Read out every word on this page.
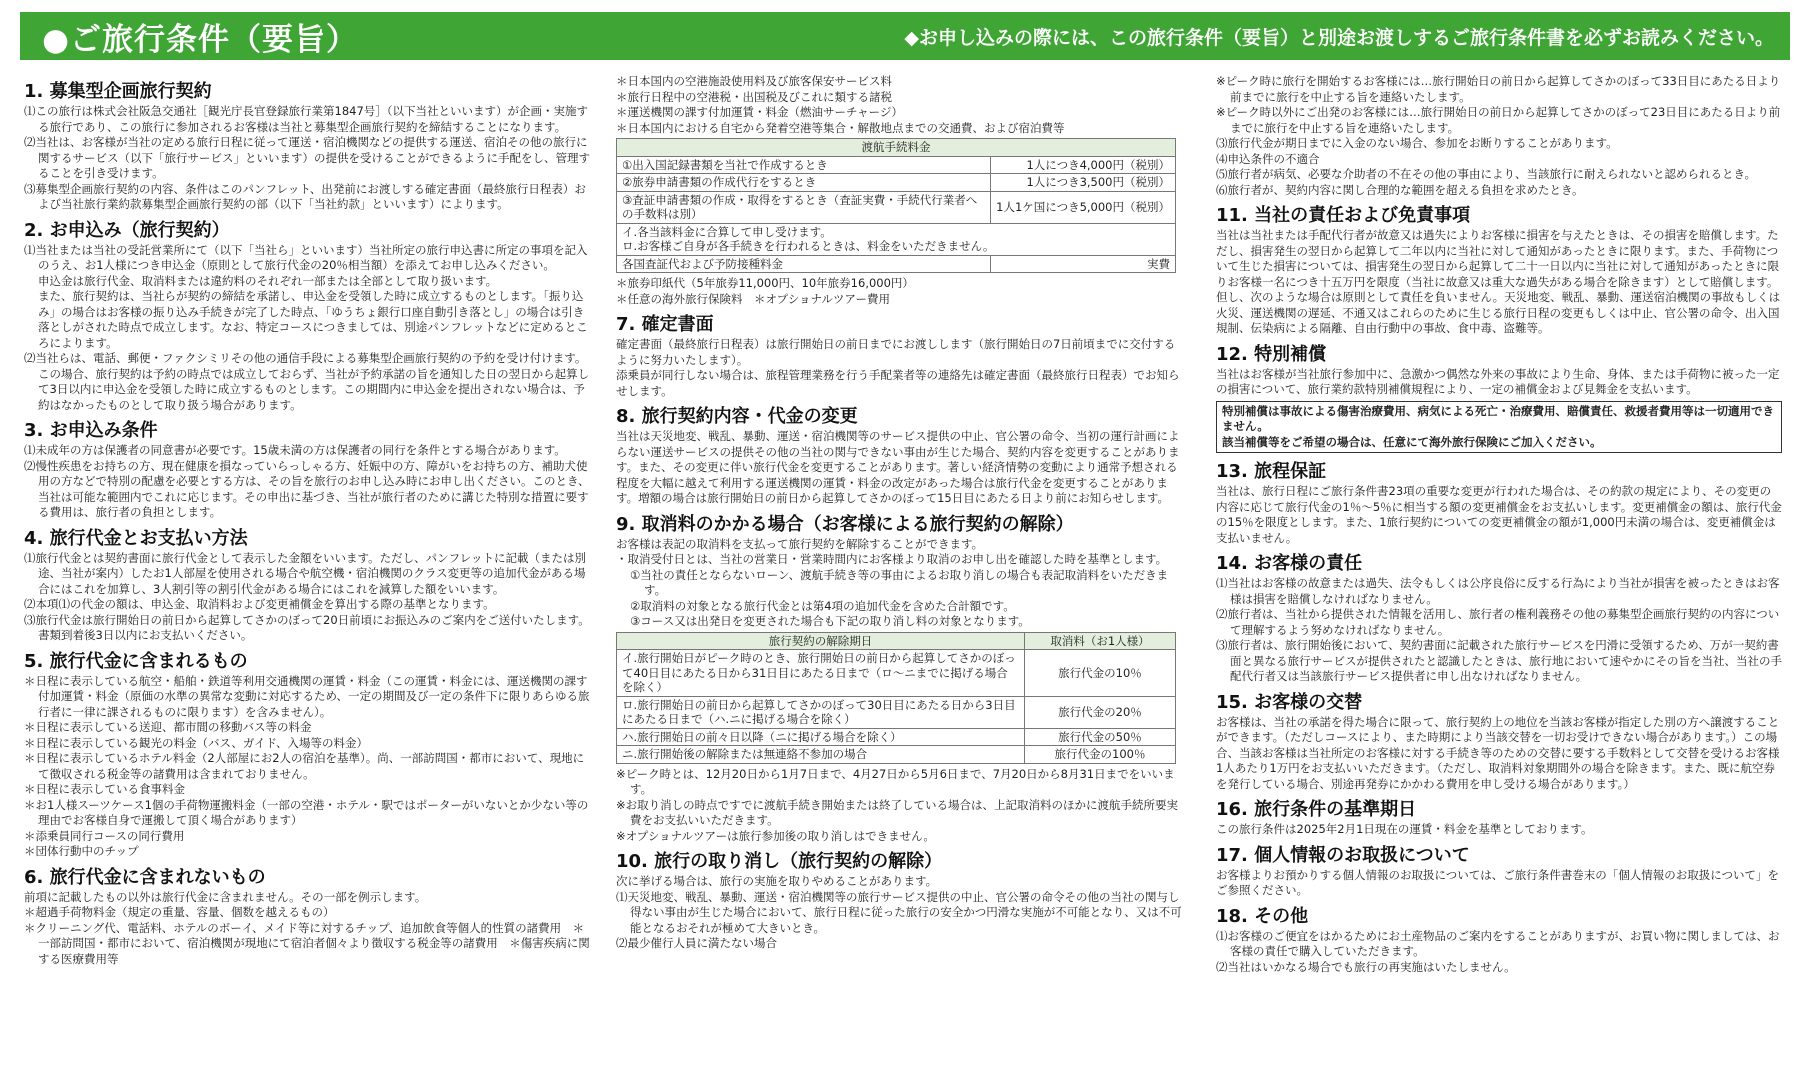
●ご旅行条件（要旨）	◆お申し込みの際には、この旅行条件（要旨）と別途お渡しするご旅行条件書を必ずお読みください。
1. 募集型企画旅行契約

⑴この旅行は株式会社阪急交通社［観光庁長官登録旅行業第1847号］（以下当社といいます）が企画・実施する旅行であり、この旅行に参加されるお客様は当社と募集型企画旅行契約を締結することになります。

⑵当社は、お客様が当社の定める旅行日程に従って運送・宿泊機関などの提供する運送、宿泊その他の旅行に関するサービス（以下「旅行サービス」といいます）の提供を受けることができるように手配をし、管理することを引き受けます。

⑶募集型企画旅行契約の内容、条件はこのパンフレット、出発前にお渡しする確定書面（最終旅行日程表）および当社旅行業約款募集型企画旅行契約の部（以下「当社約款」といいます）によります。

2. お申込み（旅行契約）

⑴当社または当社の受託営業所にて（以下「当社ら」といいます）当社所定の旅行申込書に所定の事項を記入のうえ、お1人様につき申込金（原則として旅行代金の20％相当額）を添えてお申し込みください。

申込金は旅行代金、取消料または違約料のそれぞれ一部または全部として取り扱います。

また、旅行契約は、当社らが契約の締結を承諾し、申込金を受領した時に成立するものとします。「振り込み」の場合はお客様の振り込み手続きが完了した時点、「ゆうちょ銀行口座自動引き落とし」の場合は引き落としがされた時点で成立します。なお、特定コースにつきましては、別途パンフレットなどに定めるところによります。

⑵当社らは、電話、郵便・ファクシミリその他の通信手段による募集型企画旅行契約の予約を受け付けます。この場合、旅行契約は予約の時点では成立しておらず、当社が予約承諾の旨を通知した日の翌日から起算して3日以内に申込金を受領した時に成立するものとします。この期間内に申込金を提出されない場合は、予約はなかったものとして取り扱う場合があります。

3. お申込み条件

⑴未成年の方は保護者の同意書が必要です。15歳未満の方は保護者の同行を条件とする場合があります。

⑵慢性疾患をお持ちの方、現在健康を損なっていらっしゃる方、妊娠中の方、障がいをお持ちの方、補助犬使用の方などで特別の配慮を必要とする方は、その旨を旅行のお申し込み時にお申し出ください。このとき、当社は可能な範囲内でこれに応じます。その申出に基づき、当社が旅行者のために講じた特別な措置に要する費用は、旅行者の負担とします。

4. 旅行代金とお支払い方法

⑴旅行代金とは契約書面に旅行代金として表示した金額をいいます。ただし、パンフレットに記載（または別途、当社が案内）したお1人部屋を使用される場合や航空機・宿泊機関のクラス変更等の追加代金がある場合にはこれを加算し、3人割引等の割引代金がある場合にはこれを減算した額をいいます。

⑵本項⑴の代金の額は、申込金、取消料および変更補償金を算出する際の基準となります。

⑶旅行代金は旅行開始日の前日から起算してさかのぼって20日前頃にお振込みのご案内をご送付いたします。書類到着後3日以内にお支払いください。

5. 旅行代金に含まれるもの

＊日程に表示している航空・船舶・鉄道等利用交通機関の運賃・料金（この運賃・料金には、運送機関の課す付加運賃・料金（原価の水準の異常な変動に対応するため、一定の期間及び一定の条件下に限りあらゆる旅行者に一律に課されるものに限ります）を含みません）。

＊日程に表示している送迎、都市間の移動バス等の料金

＊日程に表示している観光の料金（バス、ガイド、入場等の料金）

＊日程に表示しているホテル料金（2人部屋にお2人の宿泊を基準）。尚、一部訪問国・都市において、現地にて徴収される税金等の諸費用は含まれておりません。

＊日程に表示している食事料金

＊お1人様スーツケース1個の手荷物運搬料金（一部の空港・ホテル・駅ではポーターがいないとか少ない等の理由でお客様自身で運搬して頂く場合があります）

＊添乗員同行コースの同行費用

＊団体行動中のチップ

6. 旅行代金に含まれないもの

前項に記載したもの以外は旅行代金に含まれません。その一部を例示します。

＊超過手荷物料金（規定の重量、容量、個数を越えるもの）

＊クリーニング代、電話料、ホテルのボーイ、メイド等に対するチップ、追加飲食等個人的性質の諸費用　＊一部訪問国・都市において、宿泊機関が現地にて宿泊者個々より徴収する税金等の諸費用　＊傷害疾病に関する医療費用等

＊日本国内の空港施設使用料及び旅客保安サービス料

＊旅行日程中の空港税・出国税及びこれに類する諸税

＊運送機関の課す付加運賃・料金（燃油サーチャージ）

＊日本国内における自宅から発着空港等集合・解散地点までの交通費、および宿泊費等

渡航手続料金	
①出入国記録書類を当社で作成するとき	1人につき4,000円（税別）
②旅券申請書類の作成代行をするとき	1人につき3,500円（税別）
③査証申請書類の作成・取得をするとき（査証実費・手続代行業者への手数料は別）	1人1ケ国につき5,000円（税別）

イ.各当該料金に合算して申し受けます。
ロ.お客様ご自身が各手続きを行われるときは、料金をいただきません。	

各国査証代および予防接種料金	実費

＊旅券印紙代（5年旅券11,000円、10年旅券16,000円）

＊任意の海外旅行保険料　＊オプショナルツアー費用

7. 確定書面

確定書面（最終旅行日程表）は旅行開始日の前日までにお渡しします（旅行開始日の7日前頃までに交付するように努力いたします）。

添乗員が同行しない場合は、旅程管理業務を行う手配業者等の連絡先は確定書面（最終旅行日程表）でお知らせします。

8. 旅行契約内容・代金の変更

当社は天災地変、戦乱、暴動、運送・宿泊機関等のサービス提供の中止、官公署の命令、当初の運行計画によらない運送サービスの提供その他の当社の関与できない事由が生じた場合、契約内容を変更することがあります。また、その変更に伴い旅行代金を変更することがあります。著しい経済情勢の変動により通常予想される程度を大幅に越えて利用する運送機関の運賃・料金の改定があった場合は旅行代金を変更することがあります。増額の場合は旅行開始日の前日から起算してさかのぼって15日目にあたる日より前にお知らせします。

9. 取消料のかかる場合（お客様による旅行契約の解除）

お客様は表記の取消料を支払って旅行契約を解除することができます。

・取消受付日とは、当社の営業日・営業時間内にお客様より取消のお申し出を確認した時を基準とします。

①当社の責任とならないローン、渡航手続き等の事由によるお取り消しの場合も表記取消料をいただきます。

②取消料の対象となる旅行代金とは第4項の追加代金を含めた合計額です。

③コース又は出発日を変更された場合も下記の取り消し料の対象となります。

旅行契約の解除期日	取消料（お1人様）
イ.旅行開始日がピーク時のとき、旅行開始日の前日から起算してさかのぼって40日目にあたる日から31日目にあたる日まで（ロ〜ニまでに掲げる場合を除く）	旅行代金の10％
ロ.旅行開始日の前日から起算してさかのぼって30日目にあたる日から3日目にあたる日まで（ハ.ニに掲げる場合を除く）	旅行代金の20％
ハ.旅行開始日の前々日以降（ニに掲げる場合を除く）	旅行代金の50％
ニ.旅行開始後の解除または無連絡不参加の場合	旅行代金の100％

※ピーク時とは、12月20日から1月7日まで、4月27日から5月6日まで、7月20日から8月31日までをいいます。

※お取り消しの時点ですでに渡航手続き開始または終了している場合は、上記取消料のほかに渡航手続所要実費をお支払いいただきます。

※オプショナルツアーは旅行参加後の取り消しはできません。

10. 旅行の取り消し（旅行契約の解除）

次に挙げる場合は、旅行の実施を取りやめることがあります。

⑴天災地変、戦乱、暴動、運送・宿泊機関等の旅行サービス提供の中止、官公署の命令その他の当社の関与し得ない事由が生じた場合において、旅行日程に従った旅行の安全かつ円滑な実施が不可能となり、又は不可能となるおそれが極めて大きいとき。

⑵最少催行人員に満たない場合

※ピーク時に旅行を開始するお客様には…旅行開始日の前日から起算してさかのぼって33日目にあたる日より前までに旅行を中止する旨を連絡いたします。

※ピーク時以外にご出発のお客様には…旅行開始日の前日から起算してさかのぼって23日目にあたる日より前までに旅行を中止する旨を連絡いたします。

⑶旅行代金が期日までに入金のない場合、参加をお断りすることがあります。

⑷申込条件の不適合

⑸旅行者が病気、必要な介助者の不在その他の事由により、当該旅行に耐えられないと認められるとき。

⑹旅行者が、契約内容に関し合理的な範囲を超える負担を求めたとき。

11. 当社の責任および免責事項

当社は当社または手配代行者が故意又は過失によりお客様に損害を与えたときは、その損害を賠償します。ただし、損害発生の翌日から起算して二年以内に当社に対して通知があったときに限ります。また、手荷物について生じた損害については、損害発生の翌日から起算して二十一日以内に当社に対して通知があったときに限りお客様一名につき十五万円を限度（当社に故意又は重大な過失がある場合を除きます）として賠償します。但し、次のような場合は原則として責任を負いません。天災地変、戦乱、暴動、運送宿泊機関の事故もしくは火災、運送機関の遅延、不通又はこれらのために生じる旅行日程の変更もしくは中止、官公署の命令、出入国規制、伝染病による隔離、自由行動中の事故、食中毒、盗難等。

12. 特別補償

当社はお客様が当社旅行参加中に、急激かつ偶然な外来の事故により生命、身体、または手荷物に被った一定の損害について、旅行業約款特別補償規程により、一定の補償金および見舞金を支払います。

特別補償は事故による傷害治療費用、病気による死亡・治療費用、賠償責任、救援者費用等は一切適用できません。

該当補償等をご希望の場合は、任意にて海外旅行保険にご加入ください。

13. 旅程保証

当社は、旅行日程にご旅行条件書23項の重要な変更が行われた場合は、その約款の規定により、その変更の内容に応じて旅行代金の1％〜5％に相当する額の変更補償金をお支払いします。変更補償金の額は、旅行代金の15％を限度とします。また、1旅行契約についての変更補償金の額が1,000円未満の場合は、変更補償金は支払いません。

14. お客様の責任

⑴当社はお客様の故意または過失、法令もしくは公序良俗に反する行為により当社が損害を被ったときはお客様は損害を賠償しなければなりません。

⑵旅行者は、当社から提供された情報を活用し、旅行者の権利義務その他の募集型企画旅行契約の内容について理解するよう努めなければなりません。

⑶旅行者は、旅行開始後において、契約書面に記載された旅行サービスを円滑に受領するため、万が一契約書面と異なる旅行サービスが提供されたと認識したときは、旅行地において速やかにその旨を当社、当社の手配代行者又は当該旅行サービス提供者に申し出なければなりません。

15. お客様の交替

お客様は、当社の承諾を得た場合に限って、旅行契約上の地位を当該お客様が指定した別の方へ譲渡することができます。（ただしコースにより、また時期により当該交替を一切お受けできない場合があります。）この場合、当該お客様は当社所定のお客様に対する手続き等のための交替に要する手数料として交替を受けるお客様1人あたり1万円をお支払いいただきます。（ただし、取消料対象期間外の場合を除きます。また、既に航空券を発行している場合、別途再発券にかかわる費用を申し受ける場合があります。）

16. 旅行条件の基準期日

この旅行条件は2025年2月1日現在の運賃・料金を基準としております。

17. 個人情報のお取扱について

お客様よりお預かりする個人情報のお取扱については、ご旅行条件書巻末の「個人情報のお取扱について」をご参照ください。

18. その他

⑴お客様のご便宜をはかるためにお土産物品のご案内をすることがありますが、お買い物に関しましては、お客様の責任で購入していただきます。

⑵当社はいかなる場合でも旅行の再実施はいたしません。
